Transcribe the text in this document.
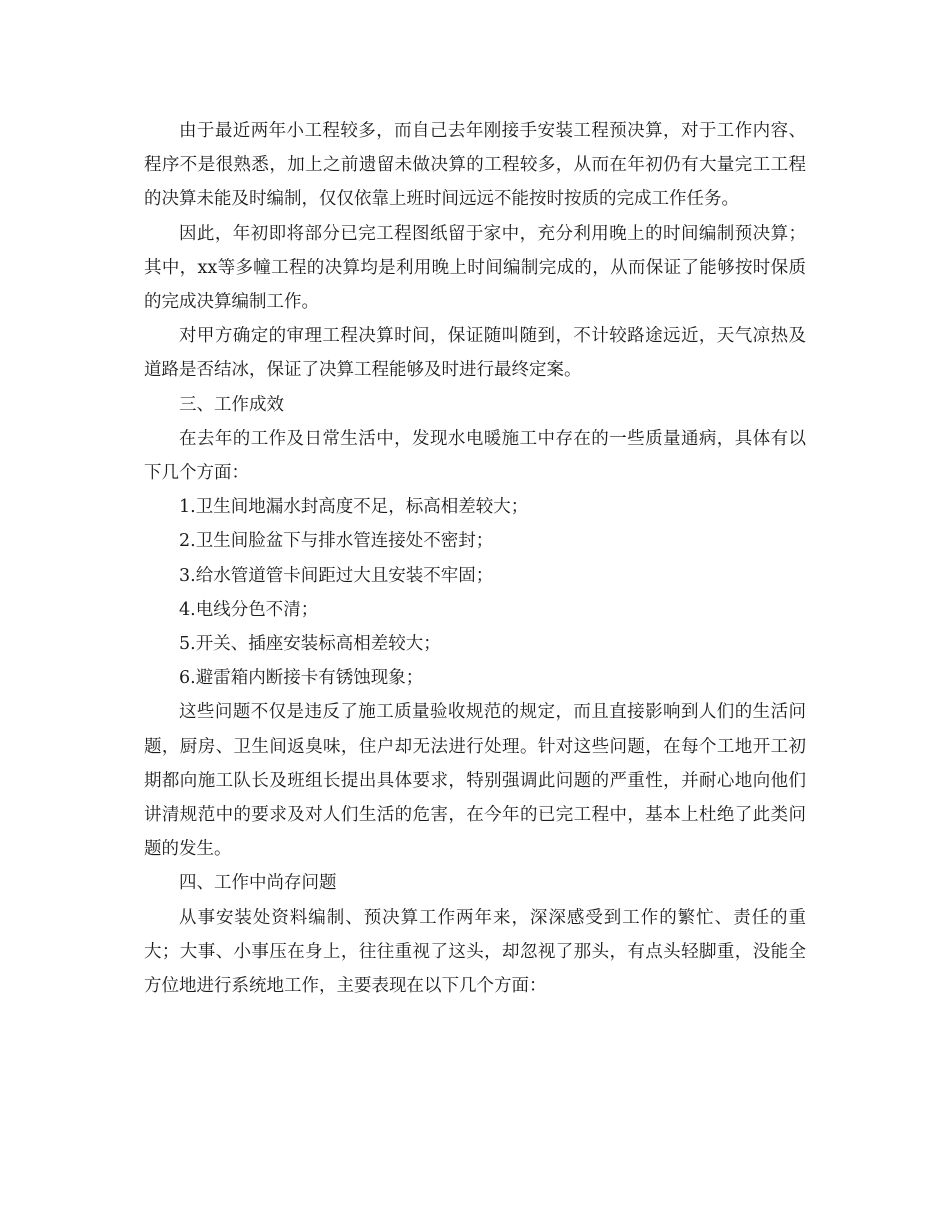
由于最近两年小工程较多，而自己去年刚接手安装工程预决算，对于工作内容、程序不是很熟悉，加上之前遗留未做决算的工程较多，从而在年初仍有大量完工工程的决算未能及时编制，仅仅依靠上班时间远远不能按时按质的完成工作任务。

因此，年初即将部分已完工程图纸留于家中，充分利用晚上的时间编制预决算；其中，xx等多幢工程的决算均是利用晚上时间编制完成的，从而保证了能够按时保质的完成决算编制工作。

对甲方确定的审理工程决算时间，保证随叫随到，不计较路途远近，天气凉热及道路是否结冰，保证了决算工程能够及时进行最终定案。

三、工作成效

在去年的工作及日常生活中，发现水电暖施工中存在的一些质量通病，具体有以下几个方面：

1.卫生间地漏水封高度不足，标高相差较大；

2.卫生间脸盆下与排水管连接处不密封；

3.给水管道管卡间距过大且安装不牢固；

4.电线分色不清；

5.开关、插座安装标高相差较大；

6.避雷箱内断接卡有锈蚀现象；

这些问题不仅是违反了施工质量验收规范的规定，而且直接影响到人们的生活问题，厨房、卫生间返臭味，住户却无法进行处理。针对这些问题，在每个工地开工初期都向施工队长及班组长提出具体要求，特别强调此问题的严重性，并耐心地向他们讲清规范中的要求及对人们生活的危害，在今年的已完工程中，基本上杜绝了此类问题的发生。

四、工作中尚存问题

从事安装处资料编制、预决算工作两年来，深深感受到工作的繁忙、责任的重大；大事、小事压在身上，往往重视了这头，却忽视了那头，有点头轻脚重，没能全方位地进行系统地工作，主要表现在以下几个方面：
